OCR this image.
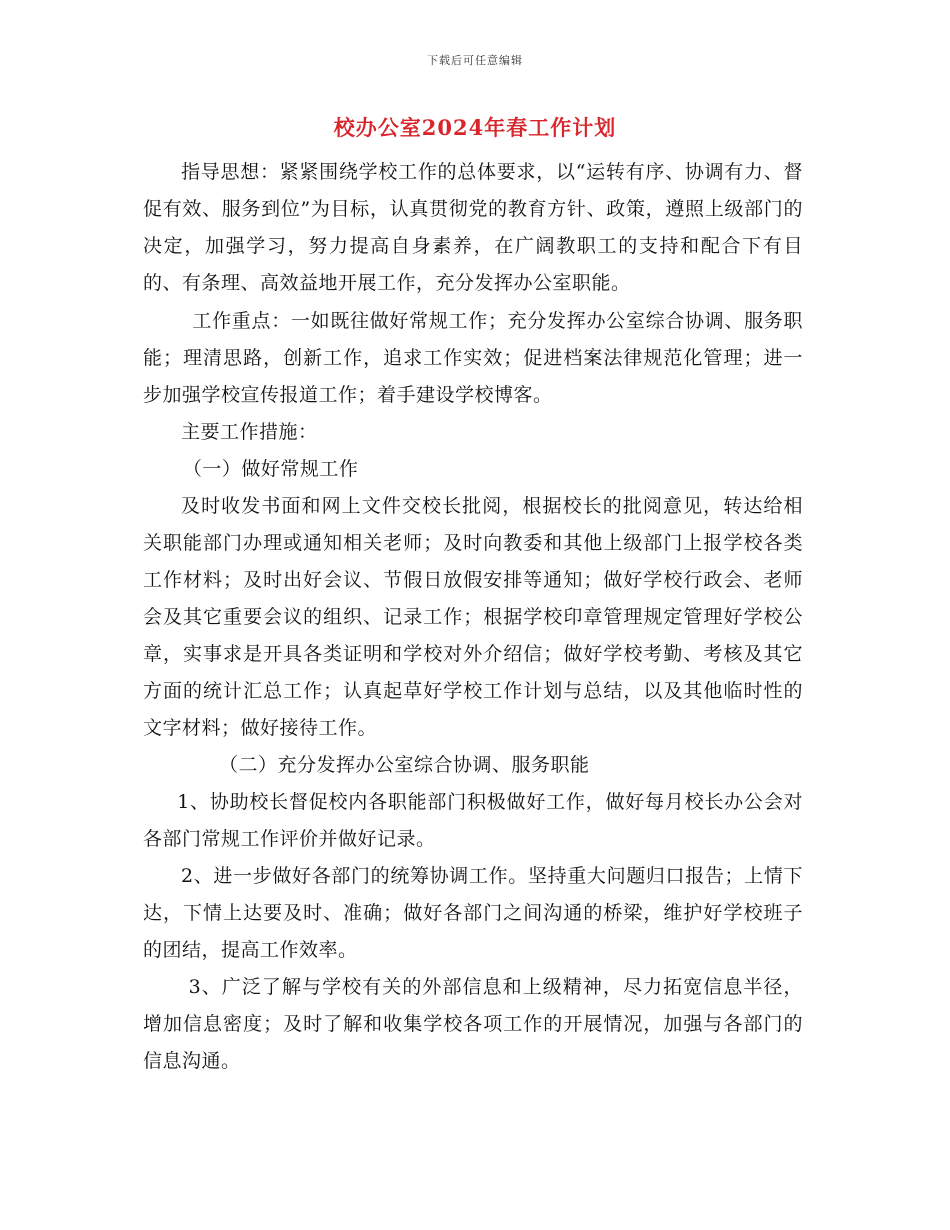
下载后可任意编辑
校办公室2024年春工作计划

指导思想：紧紧围绕学校工作的总体要求，以“运转有序、协调有力、督促有效、服务到位”为目标，认真贯彻党的教育方针、政策，遵照上级部门的决定，加强学习，努力提高自身素养，在广阔教职工的支持和配合下有目的、有条理、高效益地开展工作，充分发挥办公室职能。

工作重点：一如既往做好常规工作；充分发挥办公室综合协调、服务职能；理清思路，创新工作，追求工作实效；促进档案法律规范化管理；进一步加强学校宣传报道工作；着手建设学校博客。

主要工作措施：

（一）做好常规工作

及时收发书面和网上文件交校长批阅，根据校长的批阅意见，转达给相关职能部门办理或通知相关老师；及时向教委和其他上级部门上报学校各类工作材料；及时出好会议、节假日放假安排等通知；做好学校行政会、老师会及其它重要会议的组织、记录工作；根据学校印章管理规定管理好学校公章，实事求是开具各类证明和学校对外介绍信；做好学校考勤、考核及其它方面的统计汇总工作；认真起草好学校工作计划与总结，以及其他临时性的文字材料；做好接待工作。

（二）充分发挥办公室综合协调、服务职能

1、协助校长督促校内各职能部门积极做好工作，做好每月校长办公会对各部门常规工作评价并做好记录。

2、进一步做好各部门的统筹协调工作。坚持重大问题归口报告；上情下达，下情上达要及时、准确；做好各部门之间沟通的桥梁，维护好学校班子的团结，提高工作效率。

3、广泛了解与学校有关的外部信息和上级精神，尽力拓宽信息半径，增加信息密度；及时了解和收集学校各项工作的开展情况，加强与各部门的信息沟通。
